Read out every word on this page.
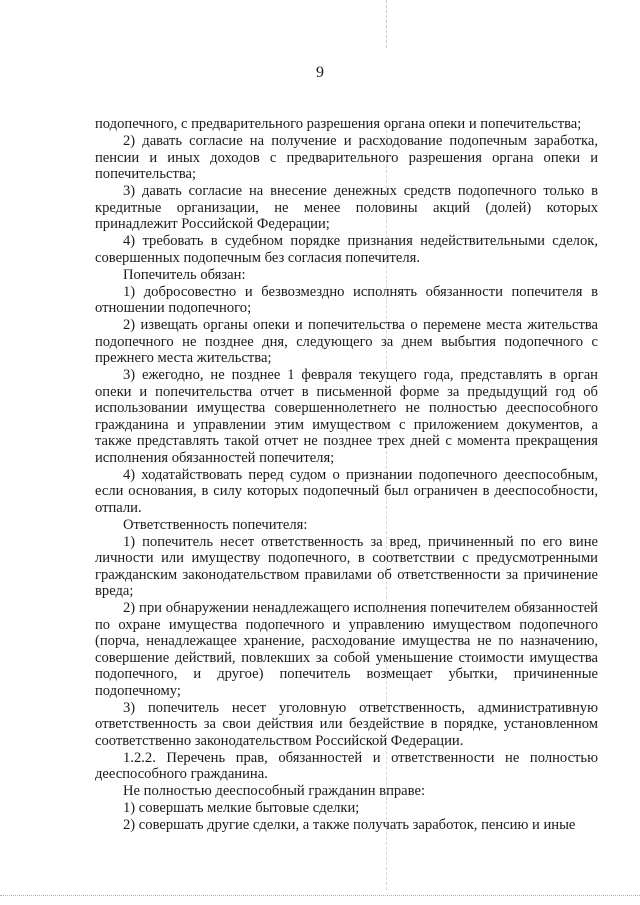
9

подопечного, с предварительного разрешения органа опеки и попечительства;

2) давать согласие на получение и расходование подопечным заработка, пенсии и иных доходов с предварительного разрешения органа опеки и попечительства;

3) давать согласие на внесение денежных средств подопечного только в кредитные организации, не менее половины акций (долей) которых принадлежит Российской Федерации;

4) требовать в судебном порядке признания недействительными сделок, совершенных подопечным без согласия попечителя.

Попечитель обязан:

1) добросовестно и безвозмездно исполнять обязанности попечителя в отношении подопечного;

2) извещать органы опеки и попечительства о перемене места жительства подопечного не позднее дня, следующего за днем выбытия подопечного с прежнего места жительства;

3) ежегодно, не позднее 1 февраля текущего года, представлять в орган опеки и попечительства отчет в письменной форме за предыдущий год об использовании имущества совершеннолетнего не полностью дееспособного гражданина и управлении этим имуществом с приложением документов, а также представлять такой отчет не позднее трех дней с момента прекращения исполнения обязанностей попечителя;

4) ходатайствовать перед судом о признании подопечного дееспособным, если основания, в силу которых подопечный был ограничен в дееспособности, отпали.

Ответственность попечителя:

1) попечитель несет ответственность за вред, причиненный по его вине личности или имуществу подопечного, в соответствии с предусмотренными гражданским законодательством правилами об ответственности за причинение вреда;

2) при обнаружении ненадлежащего исполнения попечителем обязанностей по охране имущества подопечного и управлению имуществом подопечного (порча, ненадлежащее хранение, расходование имущества не по назначению, совершение действий, повлекших за собой уменьшение стоимости имущества подопечного, и другое) попечитель возмещает убытки, причиненные подопечному;

3) попечитель несет уголовную ответственность, административную ответственность за свои действия или бездействие в порядке, установленном соответственно законодательством Российской Федерации.

1.2.2. Перечень прав, обязанностей и ответственности не полностью дееспособного гражданина.

Не полностью дееспособный гражданин вправе:

1) совершать мелкие бытовые сделки;

2) совершать другие сделки, а также получать заработок, пенсию и иные
